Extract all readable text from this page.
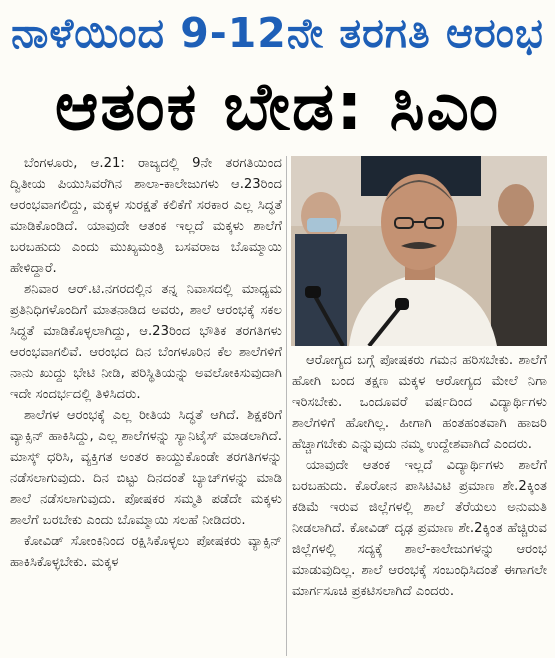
ನಾಳೆಯಿಂದ 9-12ನೇ ತರಗತಿ ಆರಂಭ
ಆತಂಕ ಬೇಡ: ಸಿಎಂ

ಬೆಂಗಳೂರು, ಆ.21: ರಾಜ್ಯದಲ್ಲಿ 9ನೇ ತರಗತಿಯಿಂದ ದ್ವಿತೀಯ ಪಿಯುಸಿವರೆಗಿನ ಶಾಲಾ-ಕಾಲೇಜುಗಳು ಆ.23ರಿಂದ ಆರಂಭವಾಗಲಿದ್ದು, ಮಕ್ಕಳ ಸುರಕ್ಷತೆ ಕಲಿಕೆಗೆ ಸರಕಾರ ಎಲ್ಲ ಸಿದ್ಧತೆ ಮಾಡಿಕೊಂಡಿದೆ. ಯಾವುದೇ ಆತಂಕ ಇಲ್ಲದೆ ಮಕ್ಕಳು ಶಾಲೆಗೆ ಬರಬಹುದು ಎಂದು ಮುಖ್ಯಮಂತ್ರಿ ಬಸವರಾಜ ಬೊಮ್ಮಾಯಿ ಹೇಳಿದ್ದಾರೆ.

ಶನಿವಾರ ಆರ್.ಟಿ.ನಗರದಲ್ಲಿನ ತನ್ನ ನಿವಾಸದಲ್ಲಿ ಮಾಧ್ಯಮ ಪ್ರತಿನಿಧಿಗಳೊಂದಿಗೆ ಮಾತನಾಡಿದ ಅವರು, ಶಾಲೆ ಆರಂಭಕ್ಕೆ ಸಕಲ ಸಿದ್ಧತೆ ಮಾಡಿಕೊಳ್ಳಲಾಗಿದ್ದು, ಆ.23ರಿಂದ ಭೌತಿಕ ತರಗತಿಗಳು ಆರಂಭವಾಗಲಿವೆ. ಆರಂಭದ ದಿನ ಬೆಂಗಳೂರಿನ ಕೆಲ ಶಾಲೆಗಳಿಗೆ ನಾನು ಖುದ್ದು ಭೇಟಿ ನೀಡಿ, ಪರಿಸ್ಥಿತಿಯನ್ನು ಅವಲೋಕಿಸುವುದಾಗಿ ಇದೇ ಸಂದರ್ಭದಲ್ಲಿ ತಿಳಿಸಿದರು.

ಶಾಲೆಗಳ ಆರಂಭಕ್ಕೆ ಎಲ್ಲ ರೀತಿಯ ಸಿದ್ಧತೆ ಆಗಿದೆ. ಶಿಕ್ಷಕರಿಗೆ ವ್ಯಾಕ್ಸಿನ್ ಹಾಕಿಸಿದ್ದು, ಎಲ್ಲ ಶಾಲೆಗಳನ್ನು ಸ್ಯಾನಿಟೈಸ್ ಮಾಡಲಾಗಿದೆ. ಮಾಸ್ಕ್ ಧರಿಸಿ, ವ್ಯಕ್ತಿಗತ ಅಂತರ ಕಾಯ್ದುಕೊಂಡೇ ತರಗತಿಗಳನ್ನು ನಡೆಸಲಾಗುವುದು. ದಿನ ಬಿಟ್ಟು ದಿನದಂತೆ ಬ್ಯಾಚ್‌ಗಳನ್ನು ಮಾಡಿ ಶಾಲೆ ನಡೆಸಲಾಗುವುದು. ಪೋಷಕರ ಸಮ್ಮತಿ ಪಡೆದೇ ಮಕ್ಕಳು ಶಾಲೆಗೆ ಬರಬೇಕು ಎಂದು ಬೊಮ್ಮಾಯಿ ಸಲಹೆ ನೀಡಿದರು.

ಕೋವಿಡ್ ಸೋಂಕಿನಿಂದ ರಕ್ಷಿಸಿಕೊಳ್ಳಲು ಪೋಷಕರು ವ್ಯಾಕ್ಸಿನ್ ಹಾಕಿಸಿಕೊಳ್ಳಬೇಕು. ಮಕ್ಕಳ

ಆರೋಗ್ಯದ ಬಗ್ಗೆ ಪೋಷಕರು ಗಮನ ಹರಿಸಬೇಕು. ಶಾಲೆಗೆ ಹೋಗಿ ಬಂದ ತಕ್ಷಣ ಮಕ್ಕಳ ಆರೋಗ್ಯದ ಮೇಲೆ ನಿಗಾ ಇರಿಸಬೇಕು. ಒಂದೂವರೆ ವರ್ಷದಿಂದ ವಿದ್ಯಾರ್ಥಿಗಳು ಶಾಲೆಗಳಿಗೆ ಹೋಗಿಲ್ಲ. ಹೀಗಾಗಿ ಹಂತಹಂತವಾಗಿ ಹಾಜರಿ ಹೆಚ್ಚಾಗಬೇಕು ಎನ್ನುವುದು ನಮ್ಮ ಉದ್ದೇಶವಾಗಿದೆ ಎಂದರು.

ಯಾವುದೇ ಆತಂಕ ಇಲ್ಲದೆ ವಿದ್ಯಾರ್ಥಿಗಳು ಶಾಲೆಗೆ ಬರಬಹುದು. ಕೊರೋನ ಪಾಸಿಟಿವಿಟಿ ಪ್ರಮಾಣ ಶೇ.2ಕ್ಕಿಂತ ಕಡಿಮೆ ಇರುವ ಜಿಲ್ಲೆಗಳಲ್ಲಿ ಶಾಲೆ ತೆರೆಯಲು ಅನುಮತಿ ನೀಡಲಾಗಿದೆ. ಕೋವಿಡ್ ದೃಢ ಪ್ರಮಾಣ ಶೇ.2ಕ್ಕಿಂತ ಹೆಚ್ಚಿರುವ ಜಿಲ್ಲೆಗಳಲ್ಲಿ ಸದ್ಯಕ್ಕೆ ಶಾಲೆ-ಕಾಲೇಜುಗಳನ್ನು ಆರಂಭ ಮಾಡುವುದಿಲ್ಲ. ಶಾಲೆ ಆರಂಭಕ್ಕೆ ಸಂಬಂಧಿಸಿದಂತೆ ಈಗಾಗಲೇ ಮಾರ್ಗಸೂಚಿ ಪ್ರಕಟಿಸಲಾಗಿದೆ ಎಂದರು.
